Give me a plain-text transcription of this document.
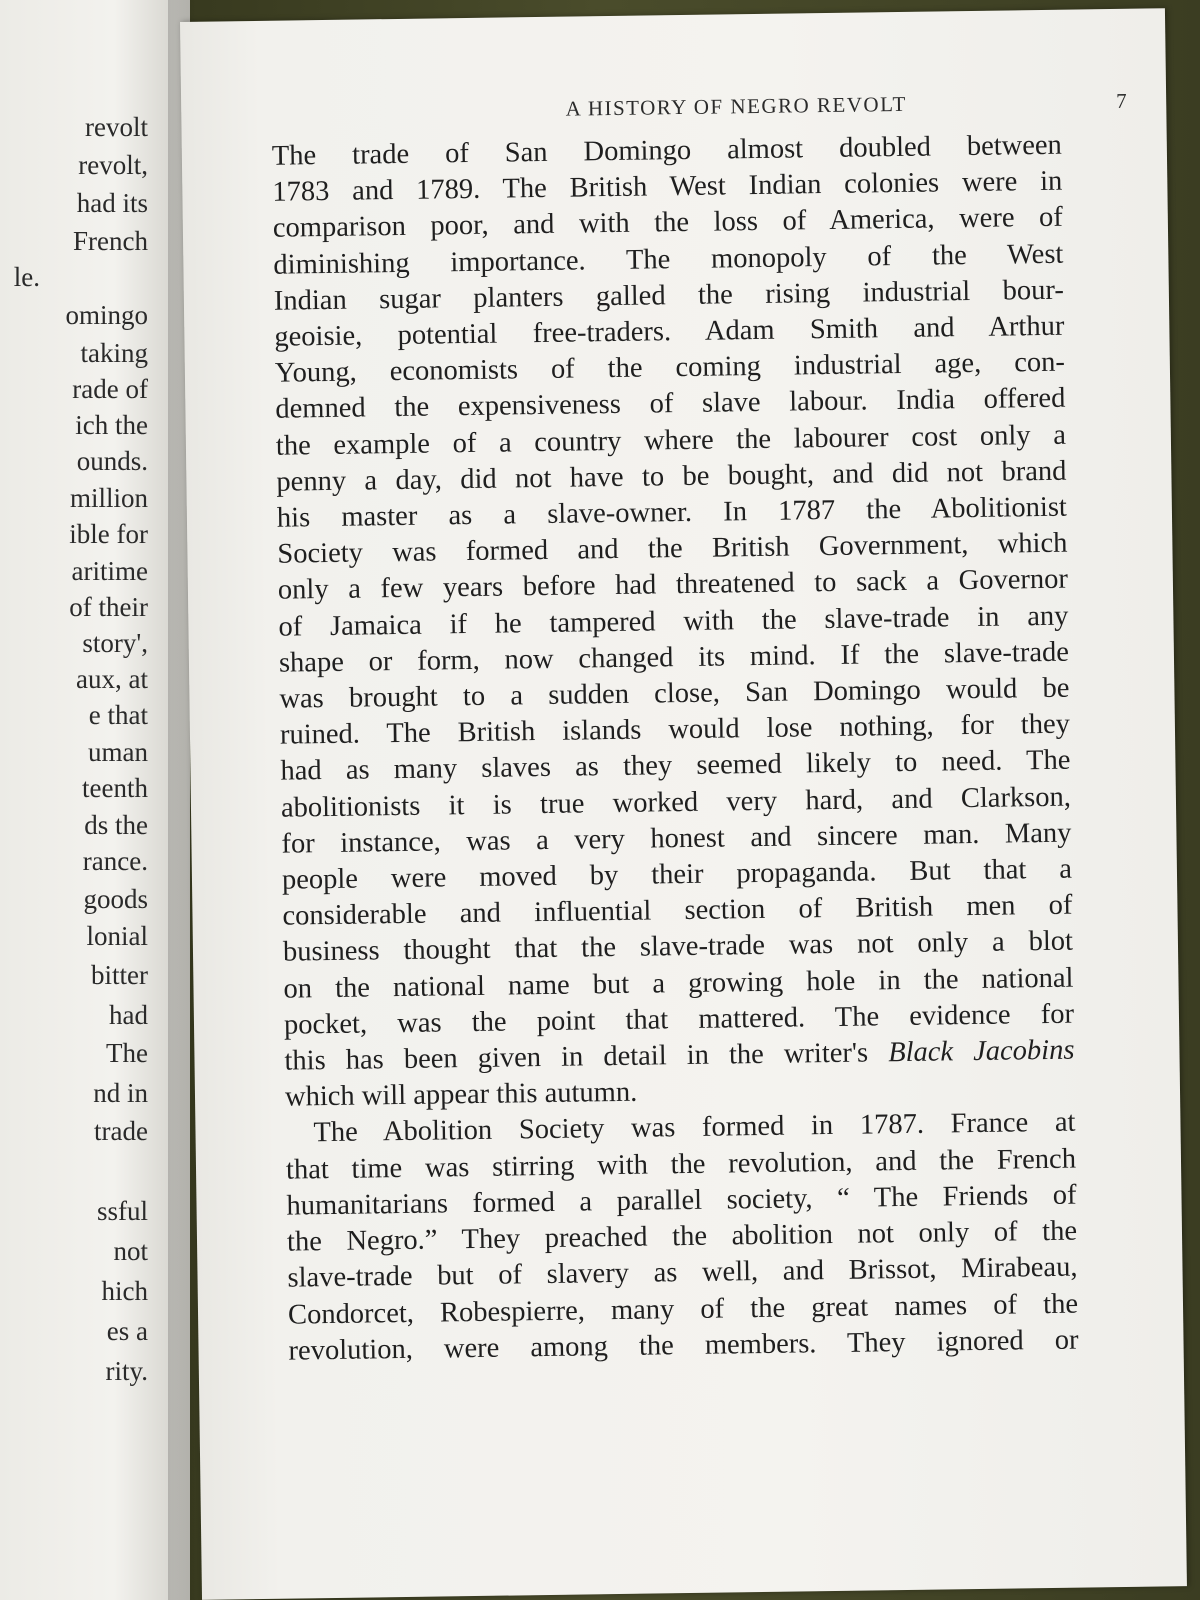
revolt
revolt,
had its
French
le.
omingo
taking
rade of
ich the
ounds.
million
ible for
aritime
of their
story',
aux, at
e that
uman
teenth
ds the
rance.
goods
lonial
bitter
had
The
nd in
trade
ssful
not
hich
es a
rity.
A HISTORY OF NEGRO REVOLT	7
The trade of San Domingo almost doubled between
1783 and 1789. The British West Indian colonies were in
comparison poor, and with the loss of America, were of
diminishing importance. The monopoly of the West
Indian sugar planters galled the rising industrial bour-
geoisie, potential free-traders. Adam Smith and Arthur
Young, economists of the coming industrial age, con-
demned the expensiveness of slave labour. India offered
the example of a country where the labourer cost only a
penny a day, did not have to be bought, and did not brand
his master as a slave-owner. In 1787 the Abolitionist
Society was formed and the British Government, which
only a few years before had threatened to sack a Governor
of Jamaica if he tampered with the slave-trade in any
shape or form, now changed its mind. If the slave-trade
was brought to a sudden close, San Domingo would be
ruined. The British islands would lose nothing, for they
had as many slaves as they seemed likely to need. The
abolitionists it is true worked very hard, and Clarkson,
for instance, was a very honest and sincere man. Many
people were moved by their propaganda. But that a
considerable and influential section of British men of
business thought that the slave-trade was not only a blot
on the national name but a growing hole in the national
pocket, was the point that mattered. The evidence for
this has been given in detail in the writer's Black Jacobins
which will appear this autumn.
The Abolition Society was formed in 1787. France at
that time was stirring with the revolution, and the French
humanitarians formed a parallel society, “ The Friends of
the Negro.” They preached the abolition not only of the
slave-trade but of slavery as well, and Brissot, Mirabeau,
Condorcet, Robespierre, many of the great names of the
revolution, were among the members. They ignored or
